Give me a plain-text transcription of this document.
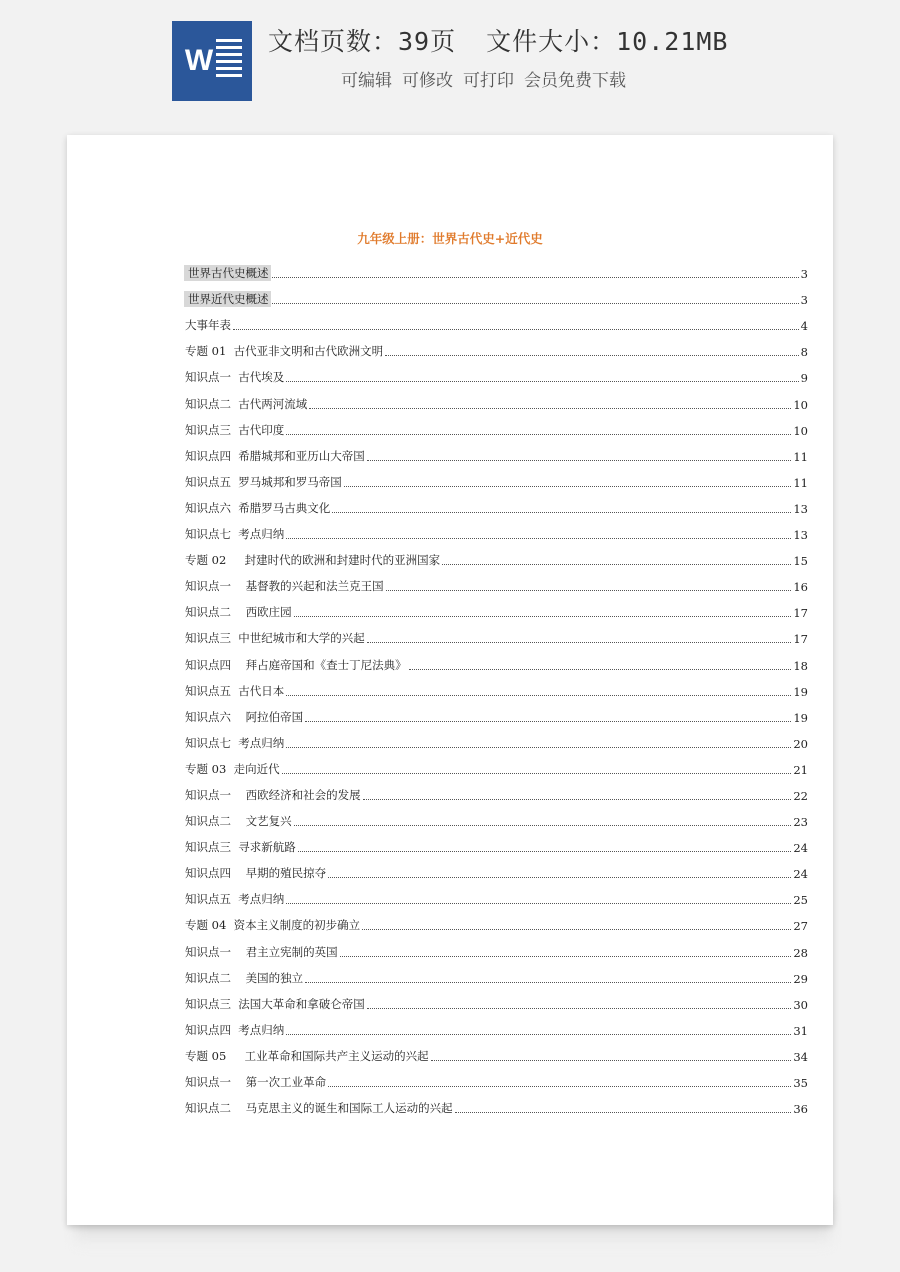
W
文档页数：39页 文件大小：10.21MB
可编辑 可修改 可打印 会员免费下载
九年级上册：世界古代史+近代史
世界古代史概述	3
世界近代史概述	3
大事年表	4
专题 01  古代亚非文明和古代欧洲文明	8
知识点一  古代埃及	9
知识点二  古代两河流域	10
知识点三  古代印度	10
知识点四  希腊城邦和亚历山大帝国	11
知识点五  罗马城邦和罗马帝国	11
知识点六  希腊罗马古典文化	13
知识点七  考点归纳	13
专题 02     封建时代的欧洲和封建时代的亚洲国家	15
知识点一    基督教的兴起和法兰克王国	16
知识点二    西欧庄园	17
知识点三  中世纪城市和大学的兴起	17
知识点四    拜占庭帝国和《查士丁尼法典》	18
知识点五  古代日本	19
知识点六    阿拉伯帝国	19
知识点七  考点归纳	20
专题 03  走向近代	21
知识点一    西欧经济和社会的发展	22
知识点二    文艺复兴	23
知识点三  寻求新航路	24
知识点四    早期的殖民掠夺	24
知识点五  考点归纳	25
专题 04  资本主义制度的初步确立	27
知识点一    君主立宪制的英国	28
知识点二    美国的独立	29
知识点三  法国大革命和拿破仑帝国	30
知识点四  考点归纳	31
专题 05     工业革命和国际共产主义运动的兴起	34
知识点一    第一次工业革命	35
知识点二    马克思主义的诞生和国际工人运动的兴起	36
